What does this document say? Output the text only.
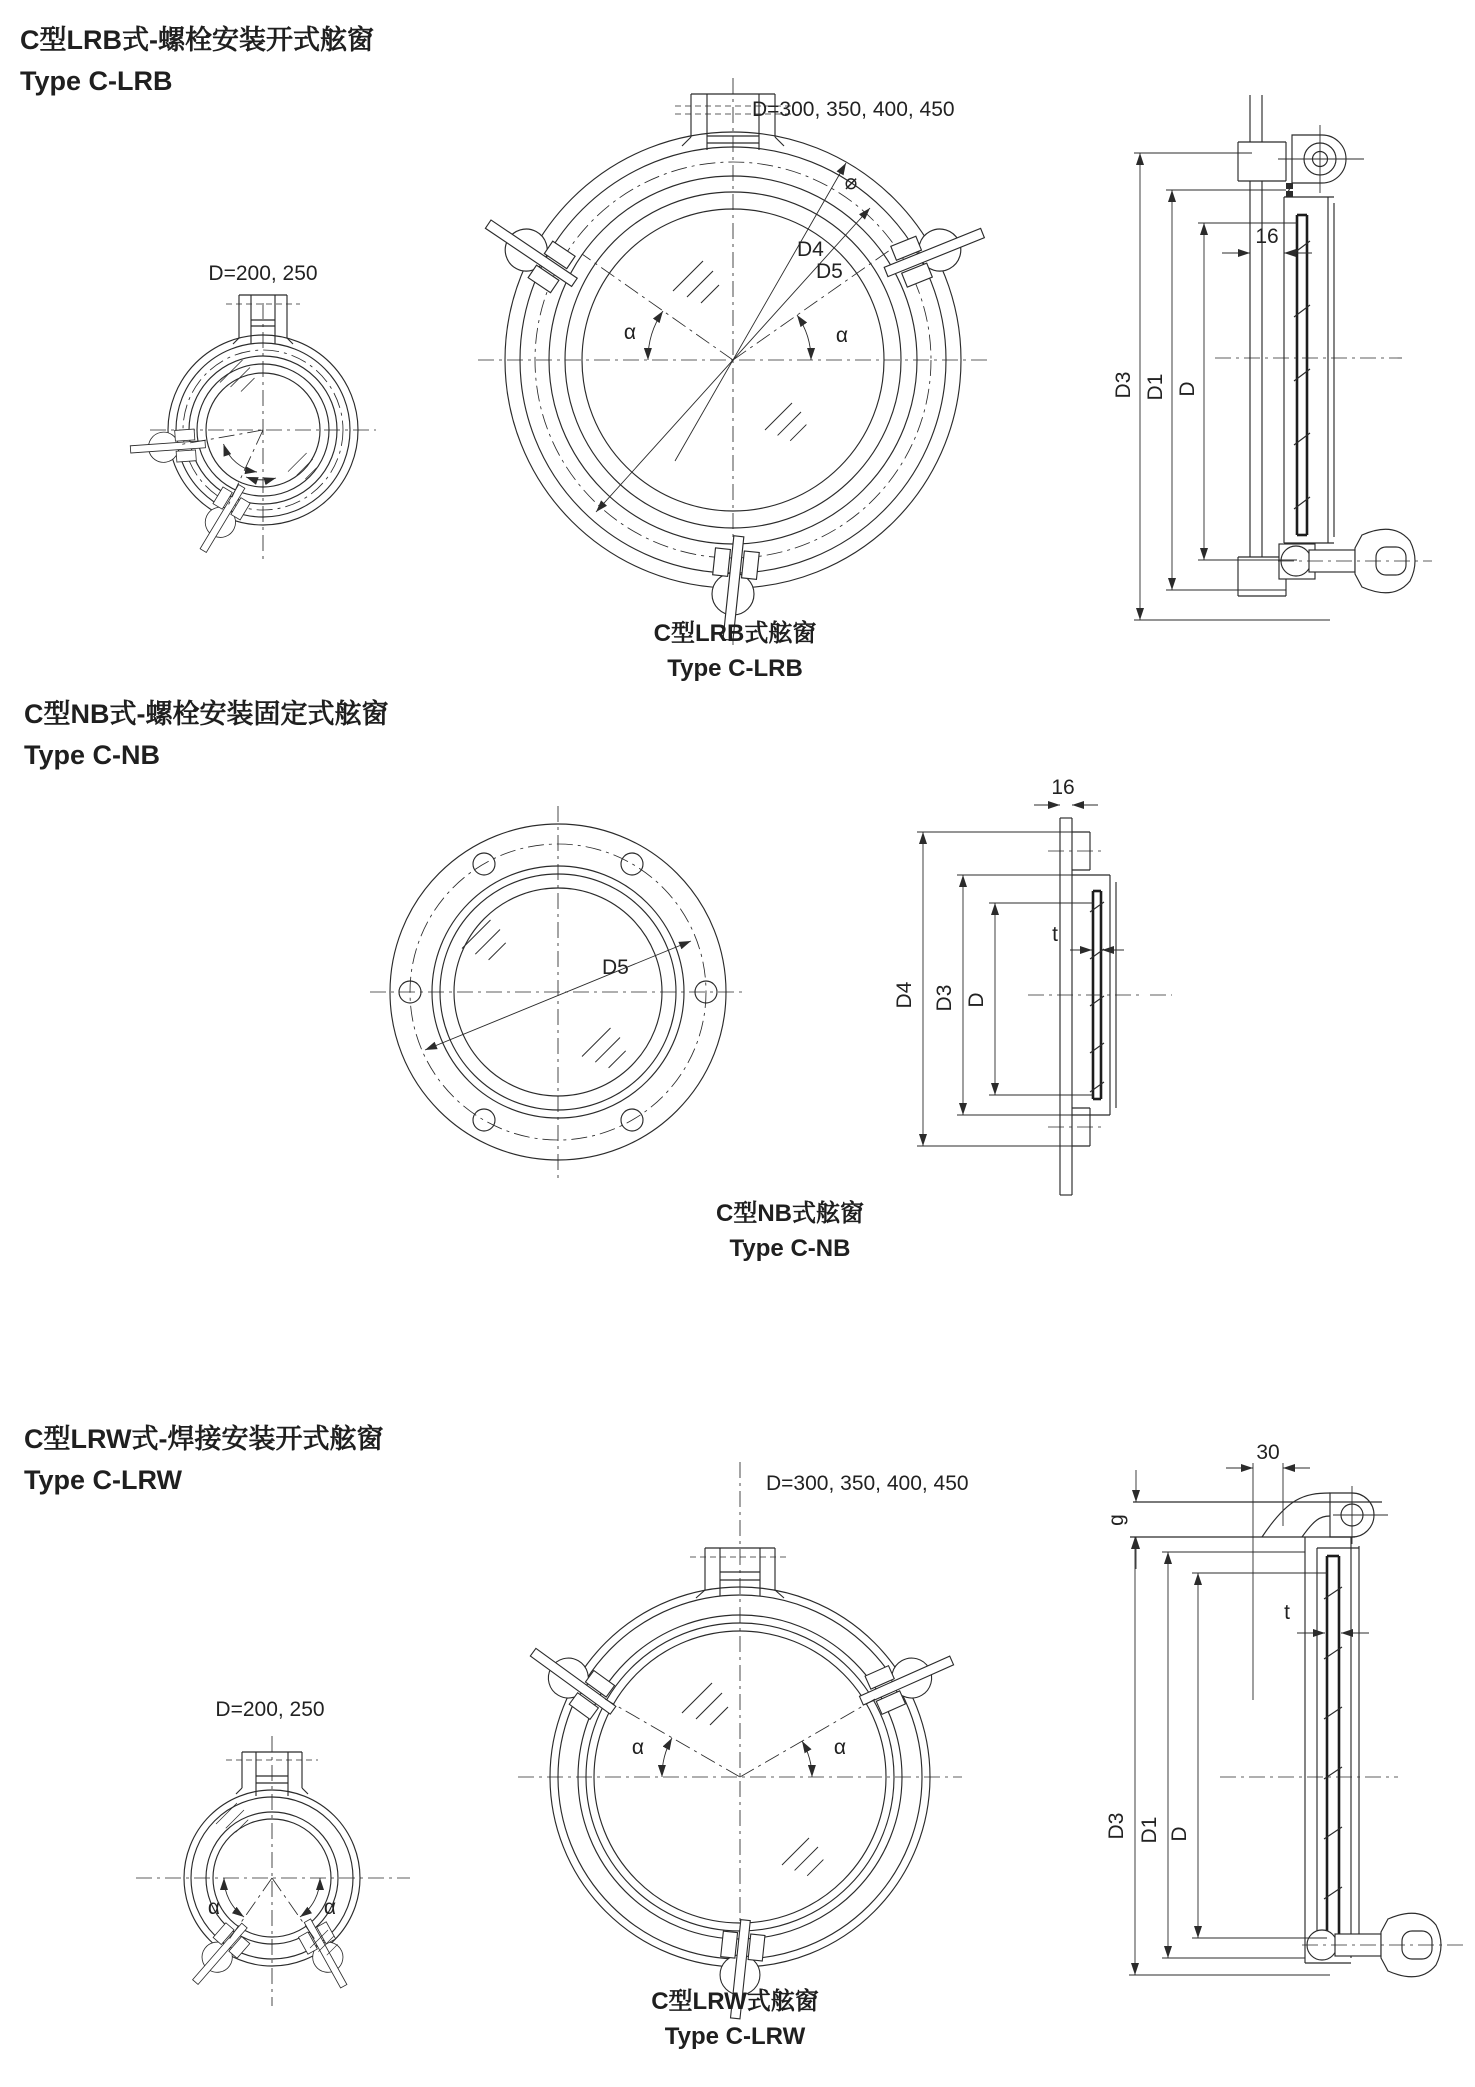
C型LRB式-螺栓安装开式舷窗
Type C-LRB
D=200, 250
D=300, 350, 400, 450
⌀
D4
D5
α	α
16
D3 D1 D
C型LRB式舷窗
Type C-LRB
C型NB式-螺栓安装固定式舷窗
Type C-NB
D5
16
t
D4 D3 D
C型NB式舷窗
Type C-NB
C型LRW式-焊接安装开式舷窗
Type C-LRW
D=200, 250
α	α
D=300, 350, 400, 450
α	α
30
g
t
D3 D1 D
C型LRW式舷窗
Type C-LRW
